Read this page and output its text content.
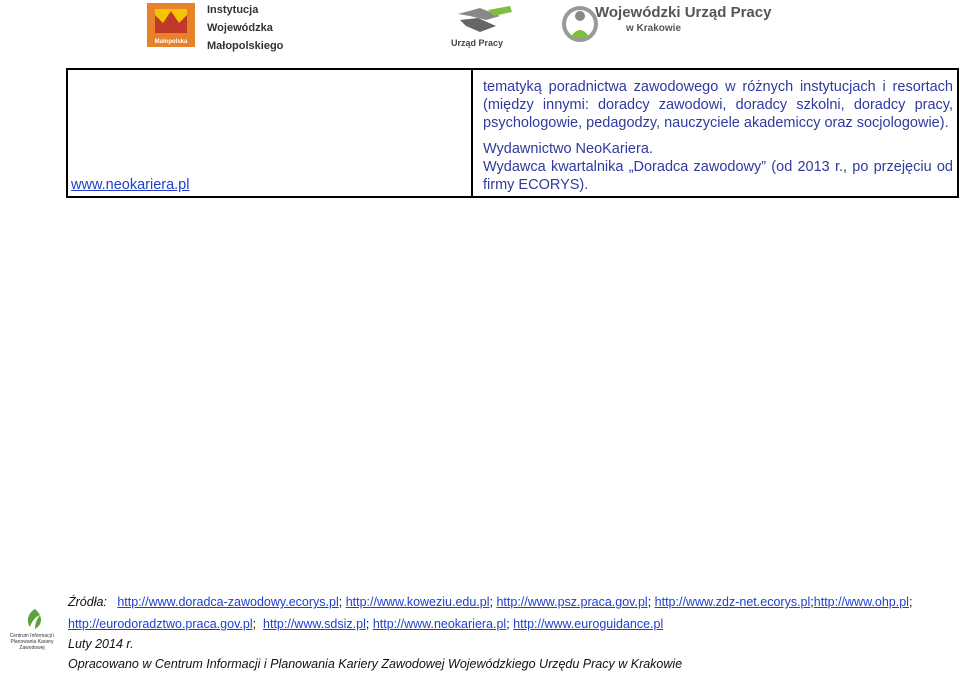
Małopolska
Instytucja
Wojewódzka
Małopolskiego	Urząd Pracy
Wojewódzki Urząd Pracy
w Krakowie
www.neokariera.pl	
tematyką poradnictwa zawodowego w różnych instytucjach i resortach (między innymi: doradcy zawodowi, doradcy szkolni, doradcy pracy, psychologowie, pedagodzy, nauczyciele akademiccy oraz socjologowie).
Wydawnictwo NeoKariera.
Wydawca kwartalnika „Doradca zawodowy” (od 2013 r., po przejęciu od firmy ECORYS).
Źródła: http://www.doradca-zawodowy.ecorys.pl; http://www.koweziu.edu.pl; http://www.psz.praca.gov.pl; http://www.zdz-net.ecorys.pl;http://www.ohp.pl;
http://eurodoradztwo.praca.gov.pl;  http://www.sdsiz.pl; http://www.neokariera.pl; http://www.euroguidance.pl
Centrum Informacji i Planowania Kariery Zawodowej	Luty 2014 r.
Opracowano w Centrum Informacji i Planowania Kariery Zawodowej Wojewódzkiego Urzędu Pracy w Krakowie
